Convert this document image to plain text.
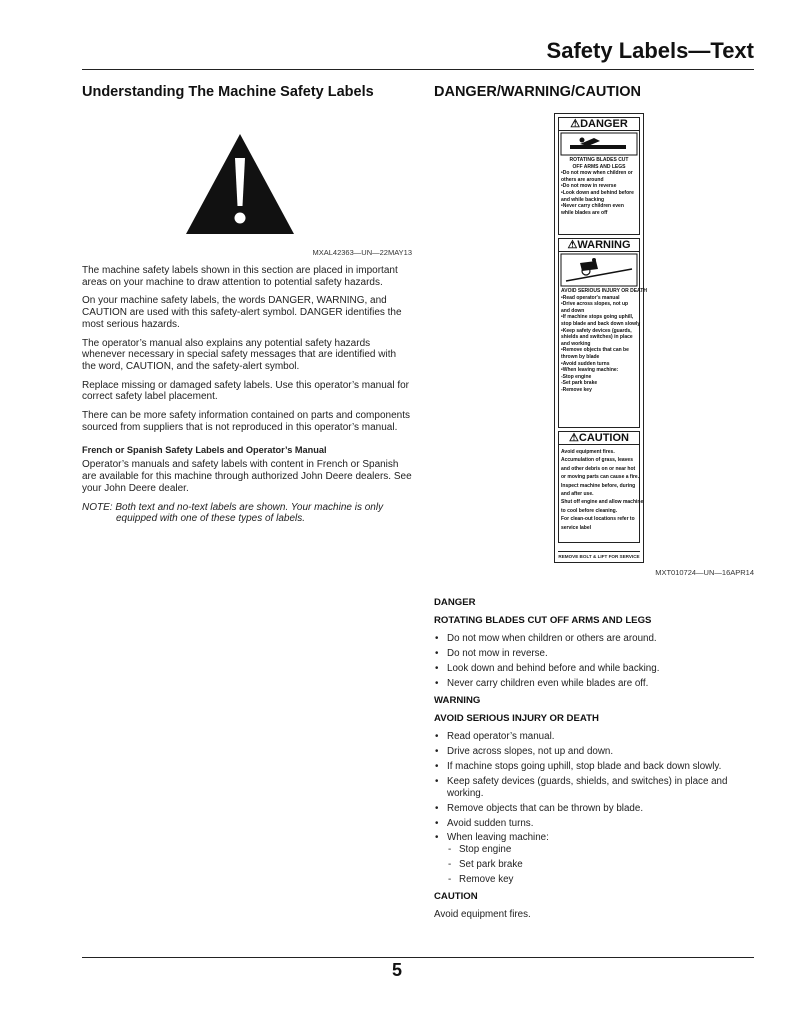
Safety Labels—Text
Understanding The Machine Safety Labels
MXAL42363—UN—22MAY13

The machine safety labels shown in this section are placed in important areas on your machine to draw attention to potential safety hazards.

On your machine safety labels, the words DANGER, WARNING, and CAUTION are used with this safety-alert symbol. DANGER identifies the most serious hazards.

The operator’s manual also explains any potential safety hazards whenever necessary in special safety messages that are identified with the word, CAUTION, and the safety-alert symbol.

Replace missing or damaged safety labels. Use this operator’s manual for correct safety label placement.

There can be more safety information contained on parts and components sourced from suppliers that is not reproduced in this operator’s manual.

French or Spanish Safety Labels and Operator’s Manual

Operator’s manuals and safety labels with content in French or Spanish are available for this machine through authorized John Deere dealers. See your John Deere dealer.

NOTE: Both text and no-text labels are shown. Your machine is only
equipped with one of these types of labels.
DANGER/WARNING/CAUTION
⚠DANGER
ROTATING BLADES CUT
OFF ARMS AND LEGS
•Do not mow when children or
others are around
•Do not mow in reverse
•Look down and behind before
and while backing
•Never carry children even
while blades are off
⚠WARNING
AVOID SERIOUS INJURY OR DEATH
•Read operator's manual
•Drive across slopes, not up
and down
•If machine stops going uphill,
stop blade and back down slowly
•Keep safety devices (guards,
shields and switches) in place
and working
•Remove objects that can be
thrown by blade
•Avoid sudden turns
•When leaving machine:
-Stop engine
-Set park brake
-Remove key
⚠CAUTION
Avoid equipment fires.
Accumulation of grass, leaves
and other debris on or near hot
or moving parts can cause a fire.
Inspect machine before, during
and after use.
Shut off engine and allow machine
to cool before cleaning.
For clean-out locations refer to
service label
REMOVE BOLT & LIFT FOR SERVICE
MXT010724—UN—16APR14
DANGER
ROTATING BLADES CUT OFF ARMS AND LEGS
• Do not mow when children or others are around.
• Do not mow in reverse.
• Look down and behind before and while backing.
• Never carry children even while blades are off.
WARNING
AVOID SERIOUS INJURY OR DEATH
• Read operator’s manual.
• Drive across slopes, not up and down.
• If machine stops going uphill, stop blade and back down slowly.
• Keep safety devices (guards, shields, and switches) in place and working.
• Remove objects that can be thrown by blade.
• Avoid sudden turns.
• When leaving machine:
- Stop engine
- Set park brake
- Remove key
CAUTION

Avoid equipment fires.

5
